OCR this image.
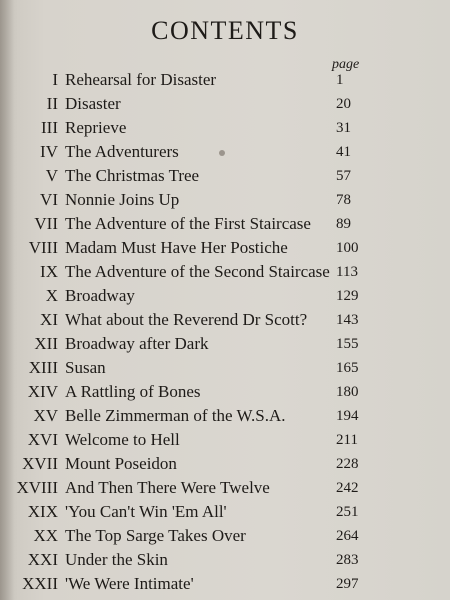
CONTENTS
page
I Rehearsal for Disaster	1
II Disaster	20
III Reprieve	31
IV The Adventurers	41
V The Christmas Tree	57
VI Nonnie Joins Up	78
VII The Adventure of the First Staircase 89
VIII Madam Must Have Her Postiche	100
IX The Adventure of the Second Staircase 113
X Broadway	129
XI What about the Reverend Dr Scott? 143
XII Broadway after Dark	155
XIII Susan	165
XIV A Rattling of Bones	180
XV Belle Zimmerman of the W.S.A.	194
XVI Welcome to Hell	211
XVII Mount Poseidon	228
XVIII And Then There Were Twelve	242
XIX 'You Can't Win 'Em All'	251
XX The Top Sarge Takes Over	264
XXI Under the Skin	283
XXII 'We Were Intimate'	297
